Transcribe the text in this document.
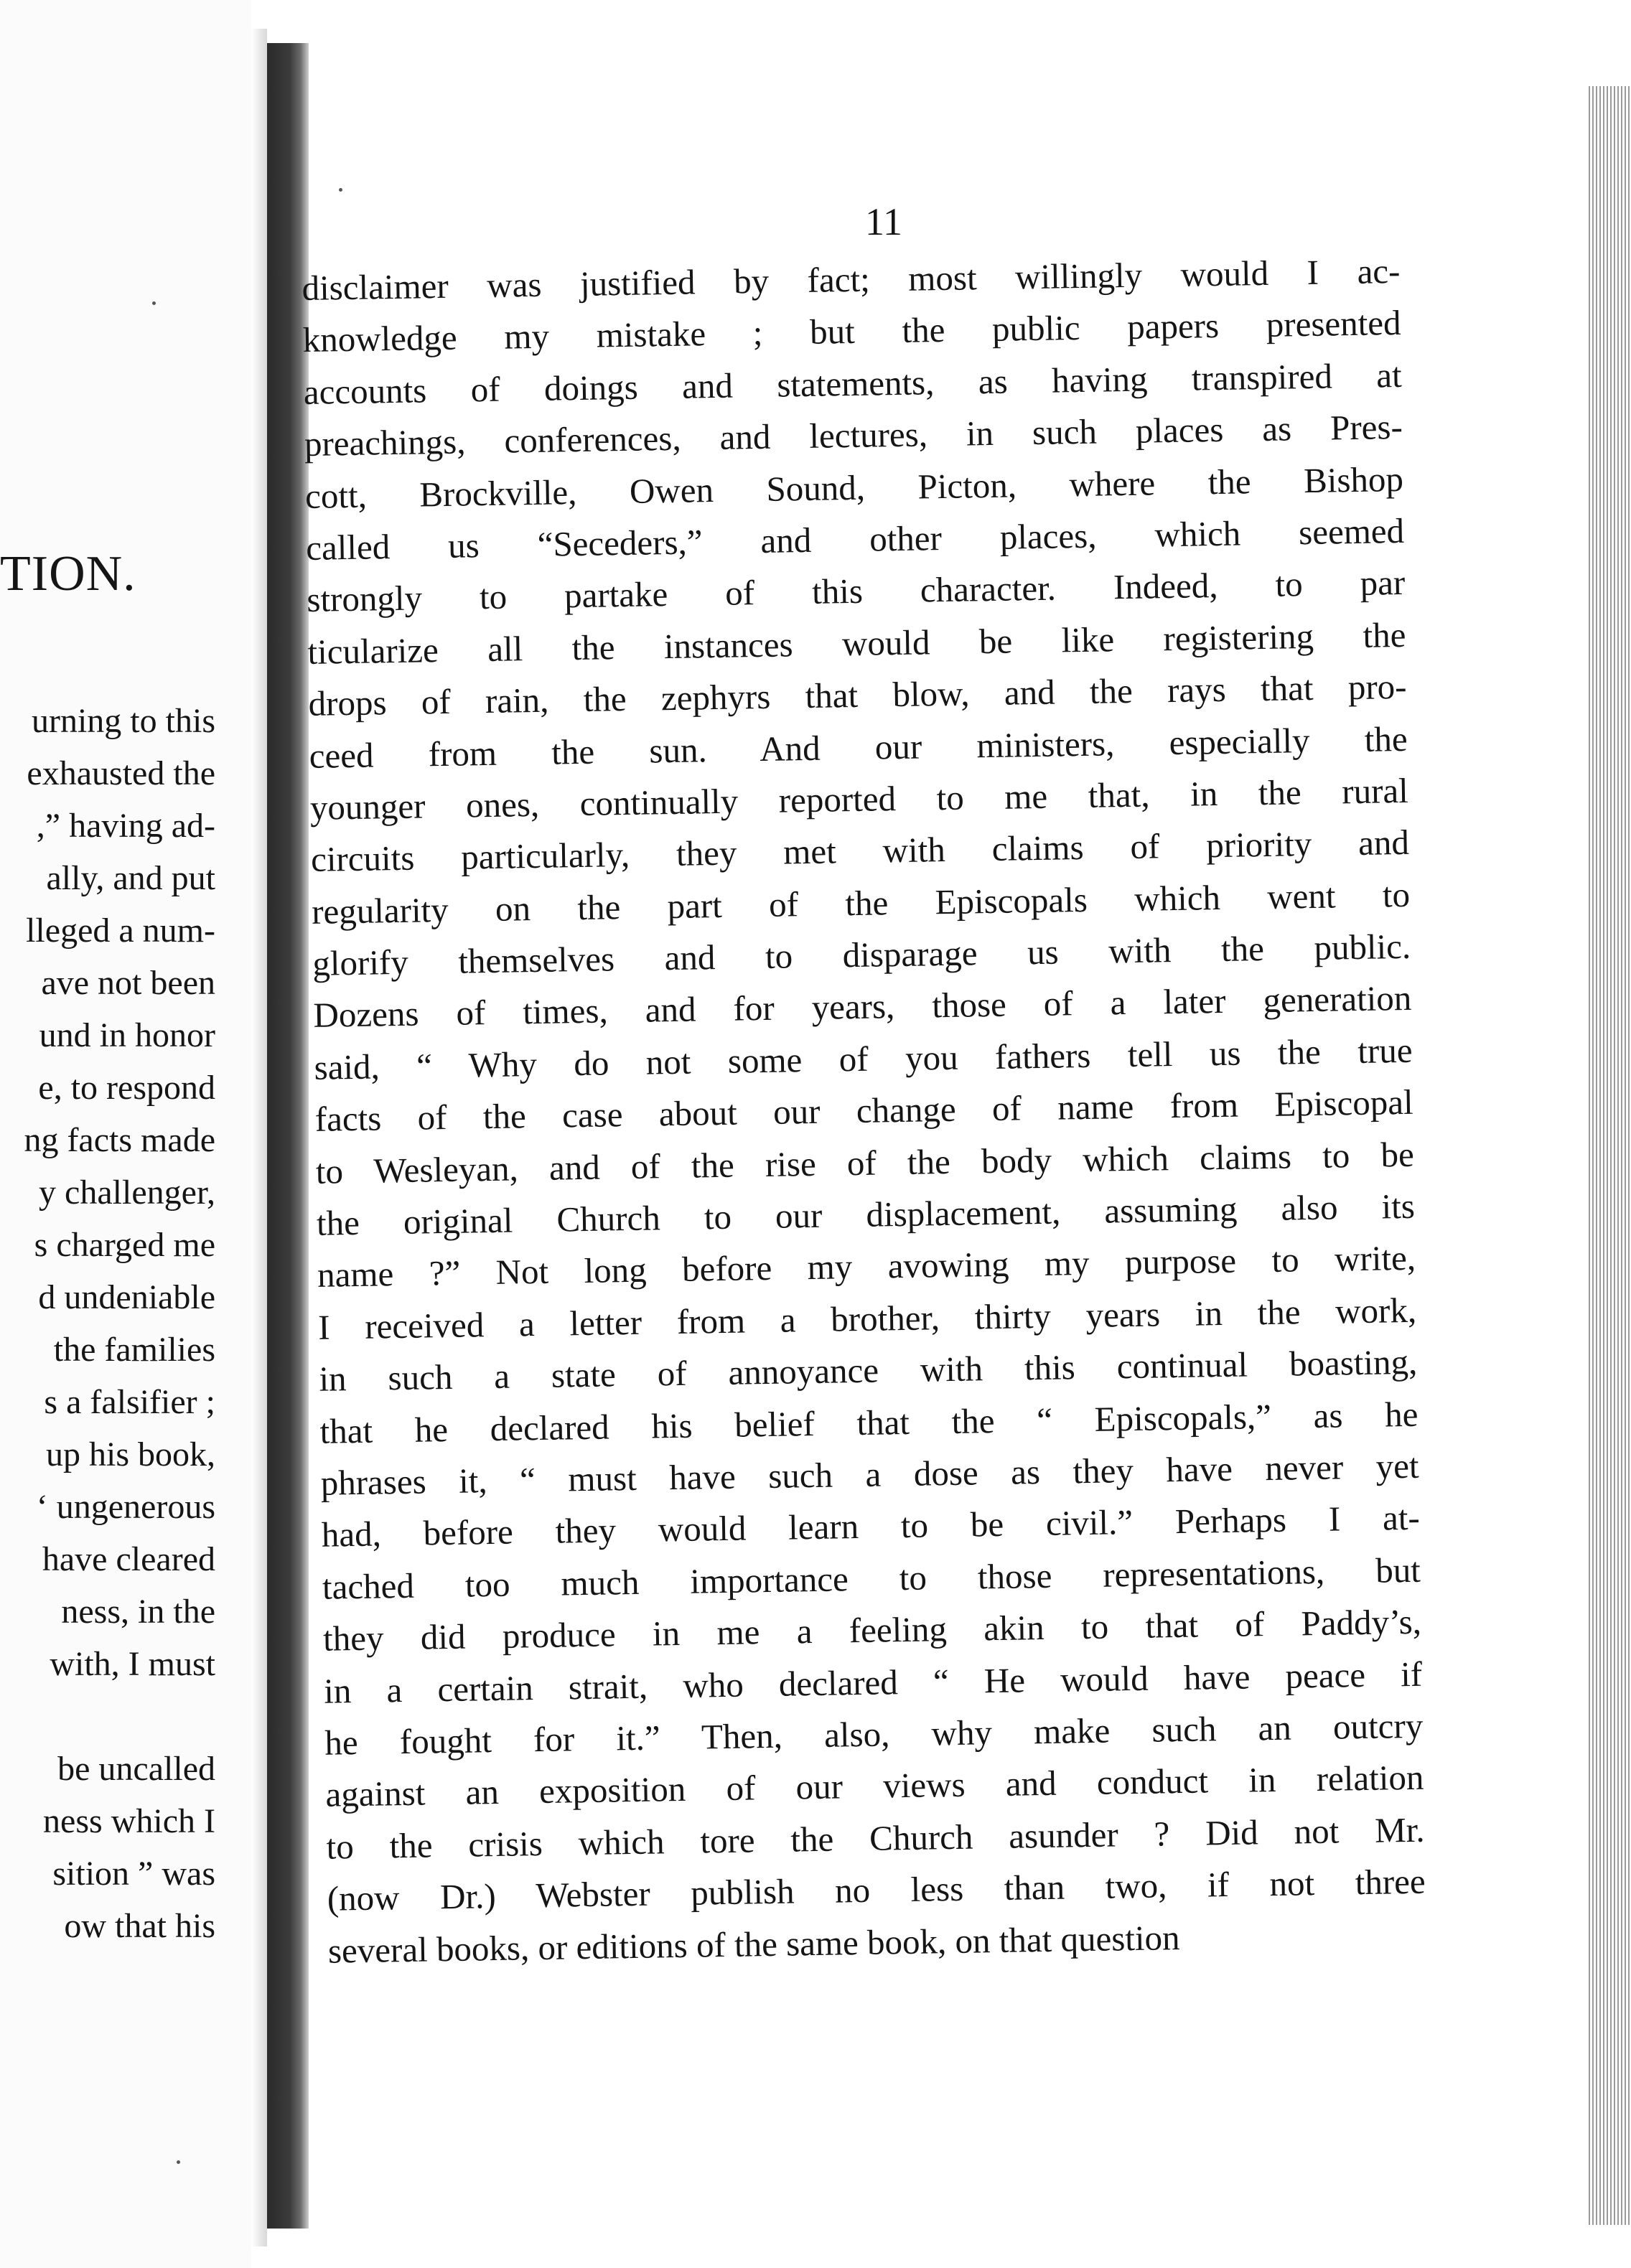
TION.
urning to this
exhausted the
,” having ad-
ally, and put
lleged a num-
ave not been
und in honor
e, to respond
ng facts made
y challenger,
s charged me
d undeniable
the families
s a falsifier ;
up his book,
‘ ungenerous
have cleared
ness, in the
with, I must
be uncalled
ness which I
sition ” was
ow that his
11
disclaimer was justified by fact; most willingly would I ac-
knowledge my mistake ; but the public papers presented
accounts of doings and statements, as having transpired at
preachings, conferences, and lectures, in such places as Pres-
cott, Brockville, Owen Sound, Picton, where the Bishop
called us “Seceders,” and other places, which seemed
strongly to partake of this character. Indeed, to par
ticularize all the instances would be like registering the
drops of rain, the zephyrs that blow, and the rays that pro-
ceed from the sun. And our ministers, especially the
younger ones, continually reported to me that, in the rural
circuits particularly, they met with claims of priority and
regularity on the part of the Episcopals which went to
glorify themselves and to disparage us with the public.
Dozens of times, and for years, those of a later generation
said, “ Why do not some of you fathers tell us the true
facts of the case about our change of name from Episcopal
to Wesleyan, and of the rise of the body which claims to be
the original Church to our displacement, assuming also its
name ?” Not long before my avowing my purpose to write,
I received a letter from a brother, thirty years in the work,
in such a state of annoyance with this continual boasting,
that he declared his belief that the “ Episcopals,” as he
phrases it, “ must have such a dose as they have never yet
had, before they would learn to be civil.” Perhaps I at-
tached too much importance to those representations, but
they did produce in me a feeling akin to that of Paddy’s,
in a certain strait, who declared “ He would have peace if
he fought for it.” Then, also, why make such an outcry
against an exposition of our views and conduct in relation
to the crisis which tore the Church asunder ? Did not Mr.
(now Dr.) Webster publish no less than two, if not three
several books, or editions of the same book, on that question
